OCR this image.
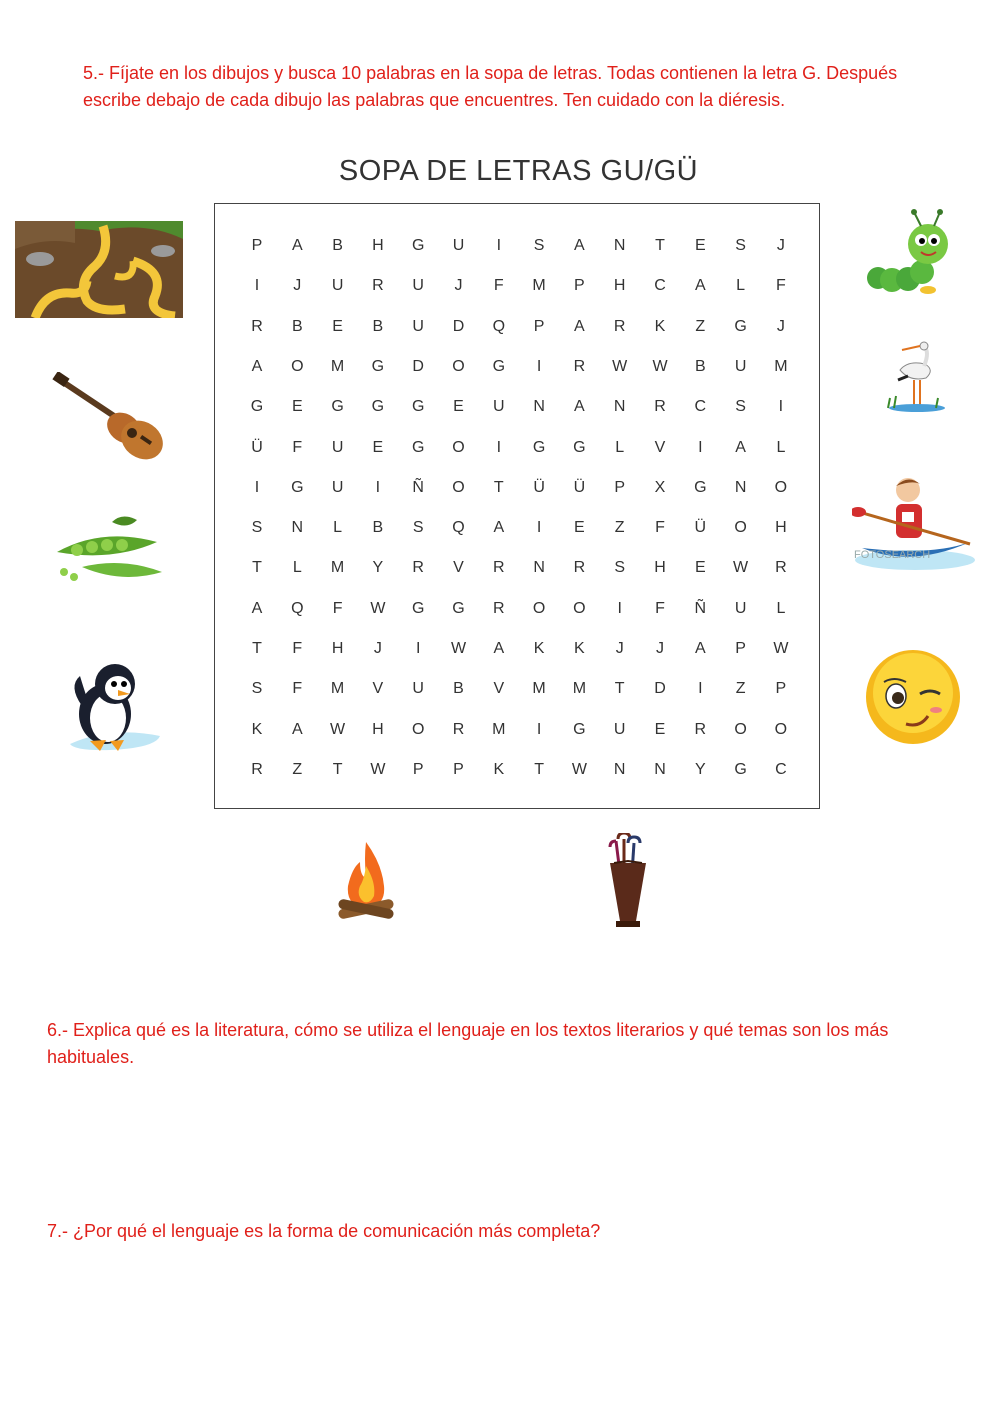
5.- Fíjate en los dibujos y busca 10 palabras en la sopa de letras. Todas contienen la letra G. Después escribe debajo de cada dibujo las palabras que encuentres. Ten cuidado con la diéresis.
SOPA DE LETRAS GU/GÜ
P	A	B	H	G	U	I	S	A	N	T	E	S	J
I	J	U	R	U	J	F	M	P	H	C	A	L	F
R	B	E	B	U	D	Q	P	A	R	K	Z	G	J
A	O	M	G	D	O	G	I	R	W	W	B	U	M
G	E	G	G	G	E	U	N	A	N	R	C	S	I
Ü	F	U	E	G	O	I	G	G	L	V	I	A	L
I	G	U	I	Ñ	O	T	Ü	Ü	P	X	G	N	O
S	N	L	B	S	Q	A	I	E	Z	F	Ü	O	H
T	L	M	Y	R	V	R	N	R	S	H	E	W	R
A	Q	F	W	G	G	R	O	O	I	F	Ñ	U	L
T	F	H	J	I	W	A	K	K	J	J	A	P	W
S	F	M	V	U	B	V	M	M	T	D	I	Z	P
K	A	W	H	O	R	M	I	G	U	E	R	O	O
R	Z	T	W	P	P	K	T	W	N	N	Y	G	C
FOTOSEARCH
6.- Explica qué es la literatura, cómo se utiliza el lenguaje en los textos literarios y qué temas son los más habituales.
7.- ¿Por qué el lenguaje es la forma de comunicación más completa?
